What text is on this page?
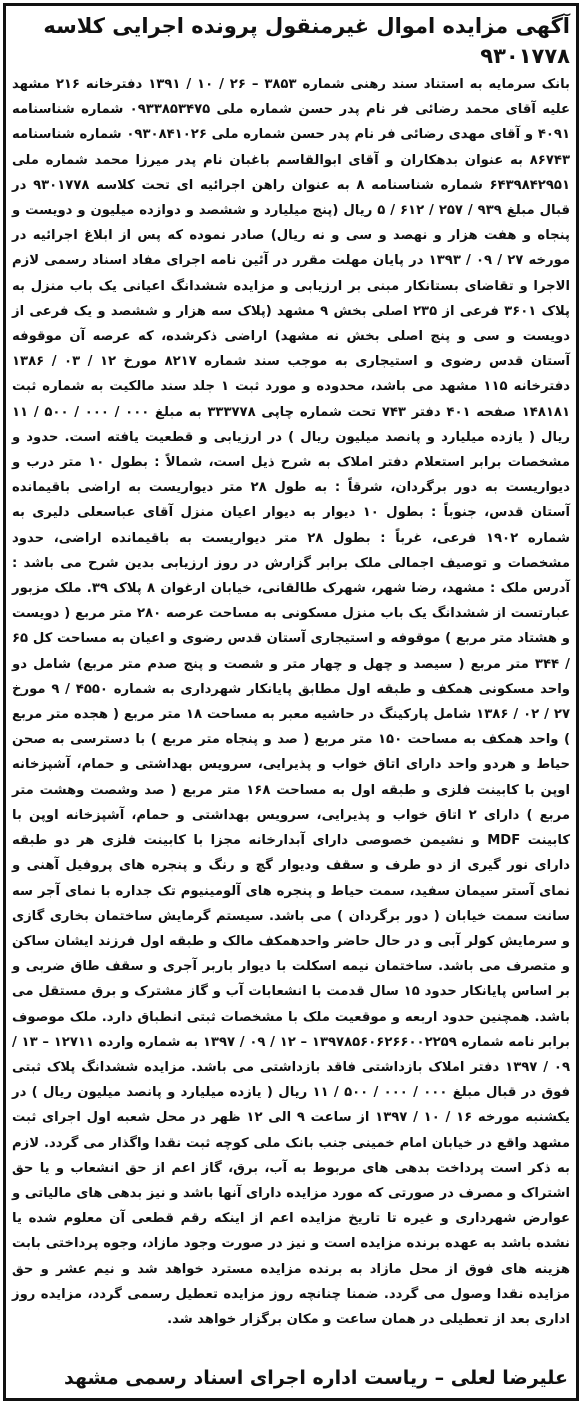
آگهی مزایده اموال غیرمنقول پرونده اجرایی کلاسه ۹۳۰۱۷۷۸

بانک سرمایه به استناد سند رهنی شماره ۳۸۵۳ – ۲۶ / ۱۰ / ۱۳۹۱ دفترخانه ۲۱۶ مشهد علیه آقای محمد رضائی فر نام پدر حسن شماره ملی ۰۹۳۳۸۵۳۴۷۵ شماره شناسنامه ۴۰۹۱ و آقای مهدی رضائی فر نام پدر حسن شماره ملی ۰۹۳۰۸۴۱۰۲۶ شماره شناسنامه ۸۶۷۴۳ به عنوان بدهکاران و آقای ابوالقاسم باغبان نام پدر میرزا محمد شماره ملی ۶۴۳۹۸۴۲۹۵۱ شماره شناسنامه ۸ به عنوان راهن اجرائیه ای تحت کلاسه ۹۳۰۱۷۷۸ در قبال مبلغ ۹۳۹ / ۲۵۷ / ۶۱۲ / ۵ ریال (پنج میلیارد و ششصد و دوازده میلیون و دویست و پنجاه و هفت هزار و نهصد و سی و نه ریال) صادر نموده که پس از ابلاغ اجرائیه در مورخه ۲۷ / ۰۹ / ۱۳۹۳ در پایان مهلت مقرر در آئین نامه اجرای مفاد اسناد رسمی لازم الاجرا و تقاضای بستانکار مبنی بر ارزیابی و مزایده ششدانگ اعیانی یک باب منزل به پلاک ۳۶۰۱ فرعی از ۲۳۵ اصلی بخش ۹ مشهد (پلاک سه هزار و ششصد و یک فرعی از دویست و سی و پنج اصلی بخش نه مشهد) اراضی ذکرشده، که عرصه آن موقوفه آستان قدس رضوی و استیجاری به موجب سند شماره ۸۲۱۷ مورخ ۱۲ / ۰۳ / ۱۳۸۶ دفترخانه ۱۱۵ مشهد می باشد، محدوده و مورد ثبت ۱ جلد سند مالکیت به شماره ثبت ۱۴۸۱۸۱ صفحه ۴۰۱ دفتر ۷۴۳ تحت شماره چاپی ۳۳۳۷۷۸ به مبلغ ۰۰۰ / ۰۰۰ / ۵۰۰ / ۱۱ ریال ( یازده میلیارد و پانصد میلیون ریال ) در ارزیابی و قطعیت یافته است. حدود و مشخصات برابر استعلام دفتر املاک به شرح ذیل است، شمالاً : بطول ۱۰ متر درب و دیواریست به دور برگردان، شرقاً : به طول ۲۸ متر دیواریست به اراضی باقیمانده آستان قدس، جنوباً : بطول ۱۰ دیوار به دیوار اعیان منزل آقای عباسعلی دلیری به شماره ۱۹۰۲ فرعی، غرباً : بطول ۲۸ متر دیواریست به باقیمانده اراضی، حدود مشخصات و توصیف اجمالی ملک برابر گزارش در روز ارزیابی بدین شرح می باشد : آدرس ملک : مشهد، رضا شهر، شهرک طالقانی، خیابان ارغوان ۸ پلاک ۳۹. ملک مزبور عبارتست از ششدانگ یک باب منزل مسکونی به مساحت عرصه ۲۸۰ متر مربع ( دویست و هشتاد متر مربع ) موقوفه و استیجاری آستان قدس رضوی و اعیان به مساحت کل ۶۵ / ۳۴۴ متر مربع ( سیصد و چهل و چهار متر و شصت و پنج صدم متر مربع) شامل دو واحد مسکونی همکف و طبقه اول مطابق پایانکار شهرداری به شماره ۴۵۵۰ / ۹ مورخ ۲۷ / ۰۲ / ۱۳۸۶ شامل پارکینگ در حاشیه معبر به مساحت ۱۸ متر مربع ( هجده متر مربع ) واحد همکف به مساحت ۱۵۰ متر مربع ( صد و پنجاه متر مربع ) با دسترسی به صحن حیاط و هردو واحد دارای اتاق خواب و پذیرایی، سرویس بهداشتی و حمام، آشپزخانه اوپن با کابینت فلزی و طبقه اول به مساحت ۱۶۸ متر مربع ( صد وشصت وهشت متر مربع ) دارای ۲ اتاق خواب و پذیرایی، سرویس بهداشتی و حمام، آشپزخانه اوپن با کابینت MDF و نشیمن خصوصی دارای آبدارخانه مجزا با کابینت فلزی هر دو طبقه دارای نور گیری از دو طرف و سقف ودیوار گچ و رنگ و پنجره های پروفیل آهنی و نمای آستر سیمان سفید، سمت حیاط و پنجره های آلومینیوم تک جداره با نمای آجر سه سانت سمت خیابان ( دور برگردان ) می باشد. سیستم گرمایش ساختمان بخاری گازی و سرمایش کولر آبی و در حال حاضر واحدهمکف مالک و طبقه اول فرزند ایشان ساکن و متصرف می باشد. ساختمان نیمه اسکلت با دیوار باربر آجری و سقف طاق ضربی و بر اساس پایانکار حدود ۱۵ سال قدمت با انشعابات آب و گاز مشترک و برق مستقل می باشد. همچنین حدود اربعه و موقعیت ملک با مشخصات ثبتی انطباق دارد. ملک موصوف برابر نامه شماره ۱۳۹۷۸۵۶۰۶۲۶۶۰۰۲۲۵۹ – ۱۲ / ۰۹ / ۱۳۹۷ به شماره وارده ۱۲۷۱۱ – ۱۳ / ۰۹ / ۱۳۹۷ دفتر املاک بازداشتی فاقد بازداشتی می باشد. مزایده ششدانگ پلاک ثبتی فوق در قبال مبلغ ۰۰۰ / ۰۰۰ / ۵۰۰ / ۱۱ ریال ( یازده میلیارد و پانصد میلیون ریال ) در یکشنبه مورخه ۱۶ / ۱۰ / ۱۳۹۷ از ساعت ۹ الی ۱۲ ظهر در محل شعبه اول اجرای ثبت مشهد واقع در خیابان امام خمینی جنب بانک ملی کوچه ثبت نقدا واگذار می گردد. لازم به ذکر است پرداخت بدهی های مربوط به آب، برق، گاز اعم از حق انشعاب و یا حق اشتراک و مصرف در صورتی که مورد مزایده دارای آنها باشد و نیز بدهی های مالیاتی و عوارض شهرداری و غیره تا تاریخ مزایده اعم از اینکه رقم قطعی آن معلوم شده یا نشده باشد به عهده برنده مزایده است و نیز در صورت وجود مازاد، وجوه پرداختی بابت هزینه های فوق از محل مازاد به برنده مزایده مسترد خواهد شد و نیم عشر و حق مزایده نقدا وصول می گردد. ضمنا چنانچه روز مزایده تعطیل رسمی گردد، مزایده روز اداری بعد از تعطیلی در همان ساعت و مکان برگزار خواهد شد.

علیرضا لعلی – ریاست اداره اجرای اسناد رسمی مشهد
